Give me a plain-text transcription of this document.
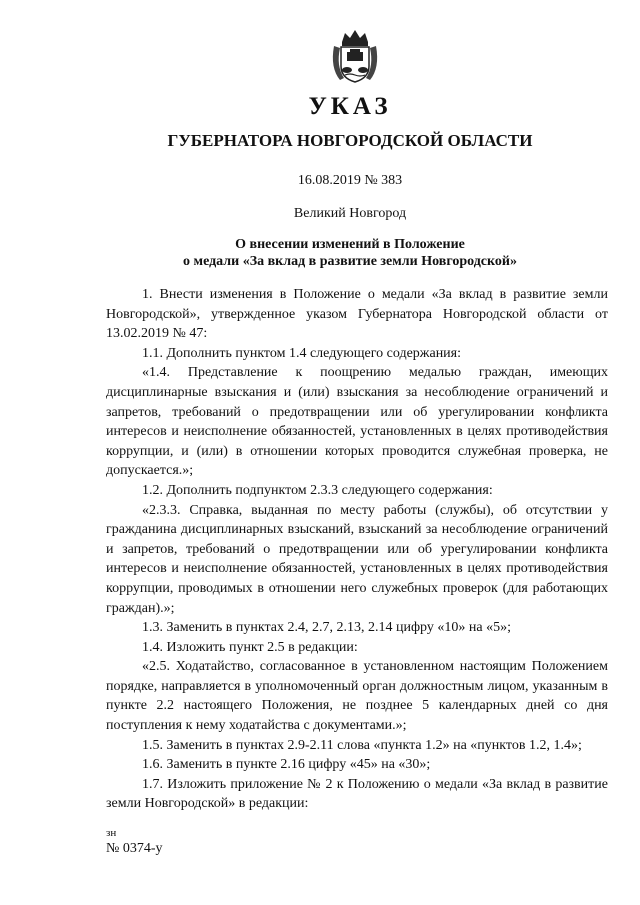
УКАЗ
ГУБЕРНАТОРА НОВГОРОДСКОЙ ОБЛАСТИ
16.08.2019 № 383
Великий Новгород
О внесении изменений в Положение
о медали «За вклад в развитие земли Новгородской»

1. Внести изменения в Положение о медали «За вклад в развитие земли Новгородской», утвержденное указом Губернатора Новгородской области от 13.02.2019 № 47:

1.1. Дополнить пунктом 1.4 следующего содержания:

«1.4. Представление к поощрению медалью граждан, имеющих дисциплинарные взыскания и (или) взыскания за несоблюдение ограничений и запретов, требований о предотвращении или об урегулировании конфликта интересов и неисполнение обязанностей, установленных в целях противодействия коррупции, и (или) в отношении которых проводится служебная проверка, не допускается.»;

1.2. Дополнить подпунктом 2.3.3 следующего содержания:

«2.3.3. Справка, выданная по месту работы (службы), об отсутствии у гражданина дисциплинарных взысканий, взысканий за несоблюдение ограничений и запретов, требований о предотвращении или об урегулировании конфликта интересов и неисполнение обязанностей, установленных в целях противодействия коррупции, проводимых в отношении него служебных проверок (для работающих граждан).»;

1.3. Заменить в пунктах 2.4, 2.7, 2.13, 2.14 цифру «10» на «5»;

1.4. Изложить пункт 2.5 в редакции:

«2.5. Ходатайство, согласованное в установленном настоящим Положением порядке, направляется в уполномоченный орган должностным лицом, указанным в пункте 2.2 настоящего Положения, не позднее 5 календарных дней со дня поступления к нему ходатайства с документами.»;

1.5. Заменить в пунктах 2.9-2.11 слова «пункта 1.2» на «пунктов 1.2, 1.4»;

1.6. Заменить в пункте 2.16 цифру «45» на «30»;

1.7. Изложить приложение № 2 к Положению о медали «За вклад в развитие земли Новгородской» в редакции:

зн
№ 0374-у
